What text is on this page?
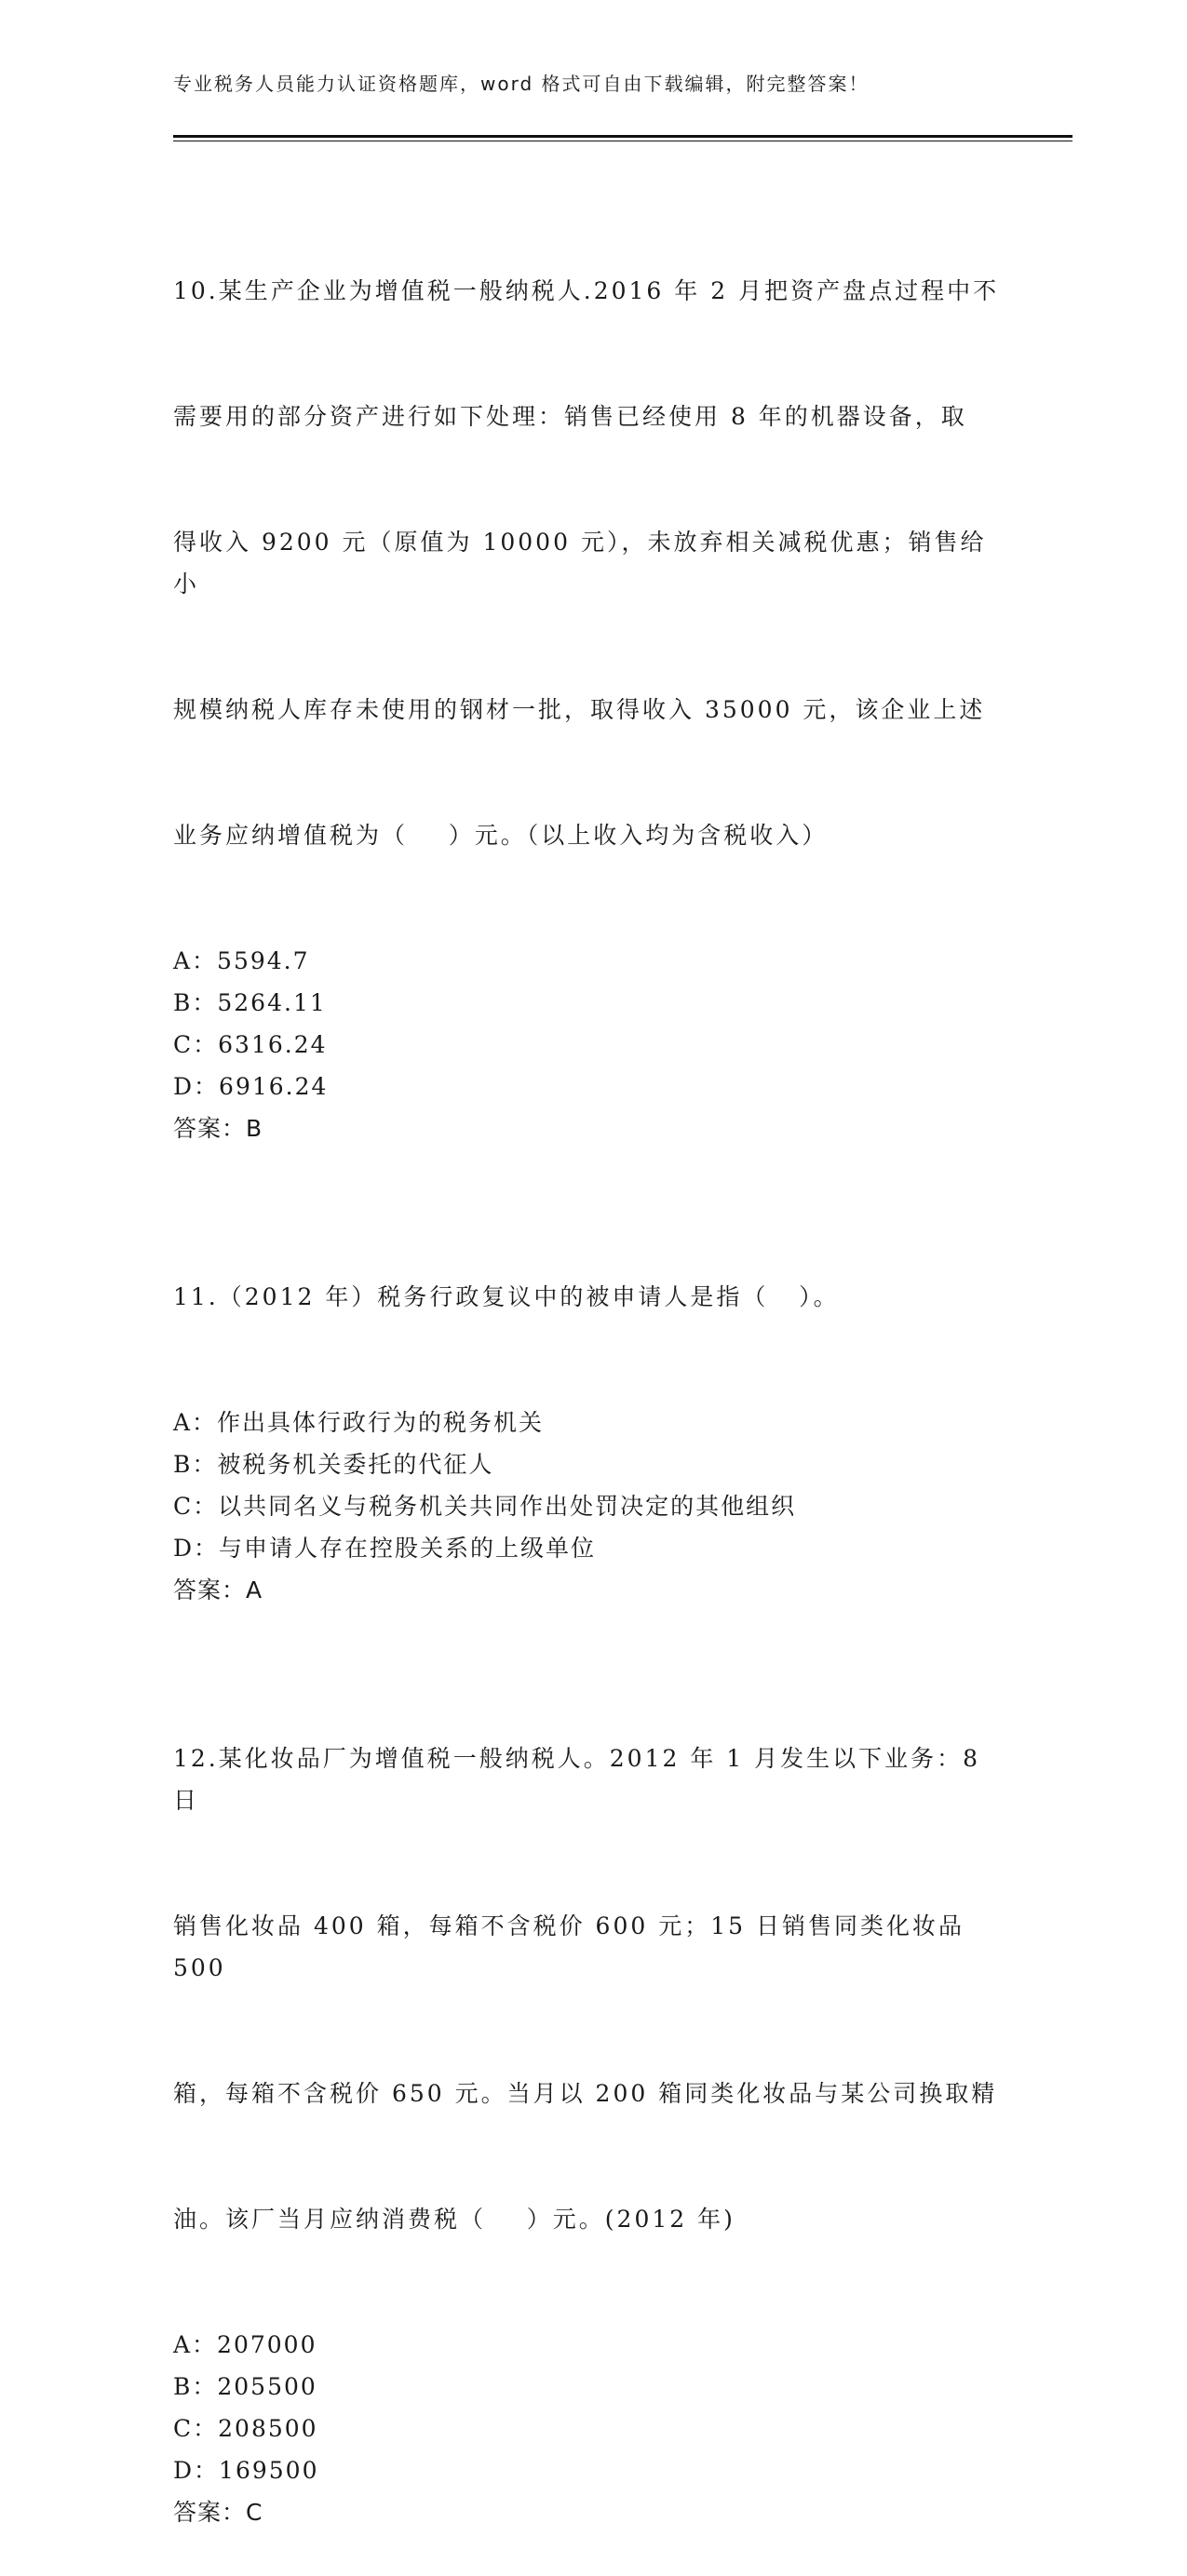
专业税务人员能力认证资格题库，word 格式可自由下载编辑，附完整答案！

10.某生产企业为增值税一般纳税人.2016 年 2 月把资产盘点过程中不

需要用的部分资产进行如下处理：销售已经使用 8 年的机器设备，取

得收入 9200 元（原值为 10000 元），未放弃相关减税优惠；销售给小

规模纳税人库存未使用的钢材一批，取得收入 35000 元，该企业上述

业务应纳增值税为（    ）元。（以上收入均为含税收入）

A：5594.7

B：5264.11

C：6316.24

D：6916.24

答案：B

11.（2012 年）税务行政复议中的被申请人是指（   ）。

A：作出具体行政行为的税务机关

B：被税务机关委托的代征人

C：以共同名义与税务机关共同作出处罚决定的其他组织

D：与申请人存在控股关系的上级单位

答案：A

12.某化妆品厂为增值税一般纳税人。2012 年 1 月发生以下业务：8 日

销售化妆品 400 箱，每箱不含税价 600 元；15 日销售同类化妆品 500

箱，每箱不含税价 650 元。当月以 200 箱同类化妆品与某公司换取精

油。该厂当月应纳消费税（    ）元。(2012 年)

A：207000

B：205500

C：208500

D：169500

答案：C
